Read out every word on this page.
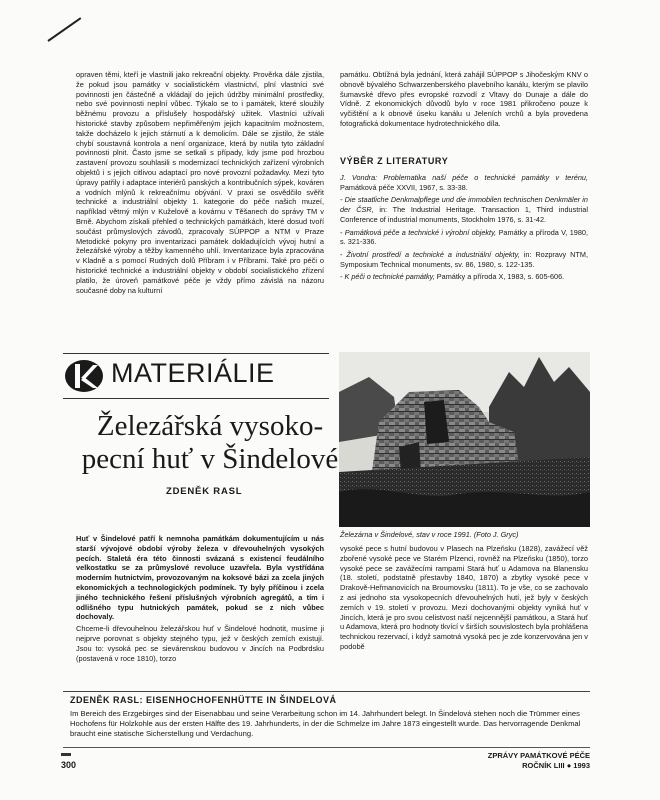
opraven těmi, kteří je vlastnili jako rekreační objekty. Prověrka dále zjistila, že pokud jsou památky v socialistickém vlastnictví, plní vlastníci své povinnosti jen částečně a vkládají do jejich údržby minimální prostředky, nebo své povinnosti neplní vůbec. Týkalo se to i památek, které sloužily běžnému provozu a příslušely hospodářský užitek. Vlastníci užívali historické stavby způsobem nepřiměřeným jejich kapacitním možnostem, takže docházelo k jejich stárnutí a k demolicím. Dále se zjistilo, že stále chybí soustavná kontrola a není organizace, která by nutila tyto základní povinnosti plnit. Často jsme se setkali s případy, kdy jsme pod hrozbou zastavení provozu souhlasili s modernizací technických zařízení výrobních objektů i s jejich citlivou adaptací pro nové provozní požadavky. Mezi tyto úpravy patřily i adaptace interiérů panských a kontribučních sýpek, kováren a vodních mlýnů k rekreačnímu obývání. V praxi se osvědčilo svěřit technické a industriální objekty 1. kategorie do péče našich muzeí, například větrný mlýn v Kuželově a kovárnu v Těšanech do správy TM v Brně. Abychom získali přehled o technických památkách, které dosud tvoří součást průmyslových závodů, zpracovaly SÚPPOP a NTM v Praze Metodické pokyny pro inventarizaci památek dokladujících vývoj hutní a železářské výroby a těžby kamenného uhlí. Inventarizace byla zpracována v Kladně a s pomocí Rudných dolů Příbram i v Příbrami. Také pro péči o historické technické a industriální objekty v období socialistického zřízení platilo, že úroveň památkové péče je vždy přímo závislá na názoru současné doby na kulturní

památku. Obtížná byla jednání, která zahájil SÚPPOP s Jihočeským KNV o obnově bývalého Schwarzenberského plavebního kanálu, kterým se plavilo šumavské dřevo přes evropské rozvodí z Vltavy do Dunaje a dále do Vídně. Z ekonomických důvodů bylo v roce 1981 přikročeno pouze k vyčištění a k obnově úseku kanálu u Jeleních vrchů a byla provedena fotografická dokumentace hydrotechnického díla.

VÝBĚR Z LITERATURY
J. Vondra: Problematika naší péče o technické památky v terénu, Památková péče XXVII, 1967, s. 33-38.
- Die staatliche Denkmalpflege und die immobilen technischen Denkmäler in der ČSR, in: The Industrial Heritage. Transaction 1, Third industrial Conference of industrial monuments, Stockholm 1976, s. 31-42.
- Památková péče a technické i výrobní objekty, Památky a příroda V, 1980, s. 321-336.
- Životní prostředí a technické a industriální objekty, in: Rozpravy NTM, Symposium Technical monuments, sv. 86, 1980, s. 122-135.
- K péči o technické památky, Památky a příroda X, 1983, s. 605-606.
MATERIÁLIE
Železářská vysoko-
pecní huť v Šindelové
ZDENĚK RASL
Železárna v Šindelové, stav v roce 1991. (Foto J. Gryc)

Huť v Šindelové patří k nemnoha památkám dokumentujícím u nás starší vývojové období výroby železa v dřevouhelných vysokých pecích. Staletá éra této činnosti svázaná s existencí feudálního velkostatku se za průmyslové revoluce uzavřela. Byla vystřídána moderním hutnictvím, provozovaným na koksové bázi za zcela jiných ekonomických a technologických podmínek. Ty byly příčinou i zcela jiného technického řešení příslušných výrobních agregátů, a tím i odlišného typu hutnických památek, pokud se z nich vůbec dochovaly.

Chceme-li dřevouhelnou železářskou huť v Šindelové hodnotit, musíme ji nejprve porovnat s objekty stejného typu, jež v českých zemích existují. Jsou to: vysoká pec se sievárenskou budovou v Jincích na Podbrdsku (postavená v roce 1810), torzo

vysoké pece s hutní budovou v Plasech na Plzeňsku (1828), zavážecí věž zbořené vysoké pece ve Starém Plzenci, rovněž na Plzeňsku (1850), torzo vysoké pece se zavážecími rampami Stará huť u Adamova na Blanensku (18. století, podstatně přestavby 1840, 1870) a zbytky vysoké pece v Drakově-Heřmanovicích na Broumovsku (1811). To je vše, co se zachovalo z asi jednoho sta vysokopecních dřevouhelných hutí, jež byly v českých zemích v 19. století v provozu. Mezi dochovanými objekty vyniká huť v Jincích, která je pro svou celistvost naší nejcennější památkou, a Stará huť u Adamova, která pro hodnoty tkvící v širších souvislostech byla prohlášena technickou rezervací, i když samotná vysoká pec je zde konzervována jen v podobě

ZDENĚK RASL: EISENHOCHOFENHÜTTE IN ŠINDELOVÁ

Im Bereich des Erzgebirges sind der Eisenabbau und seine Verarbeitung schon im 14. Jahrhundert belegt. In Šindelová stehen noch die Trümmer eines Hochofens für Holzkohle aus der ersten Hälfte des 19. Jahrhunderts, in der die Schmelze im Jahre 1873 eingestellt wurde. Das hervorragende Denkmal braucht eine statische Sicherstellung und Verdachung.

300
ZPRÁVY PAMÁTKOVÉ PÉČE
ROČNÍK LIII ● 1993
